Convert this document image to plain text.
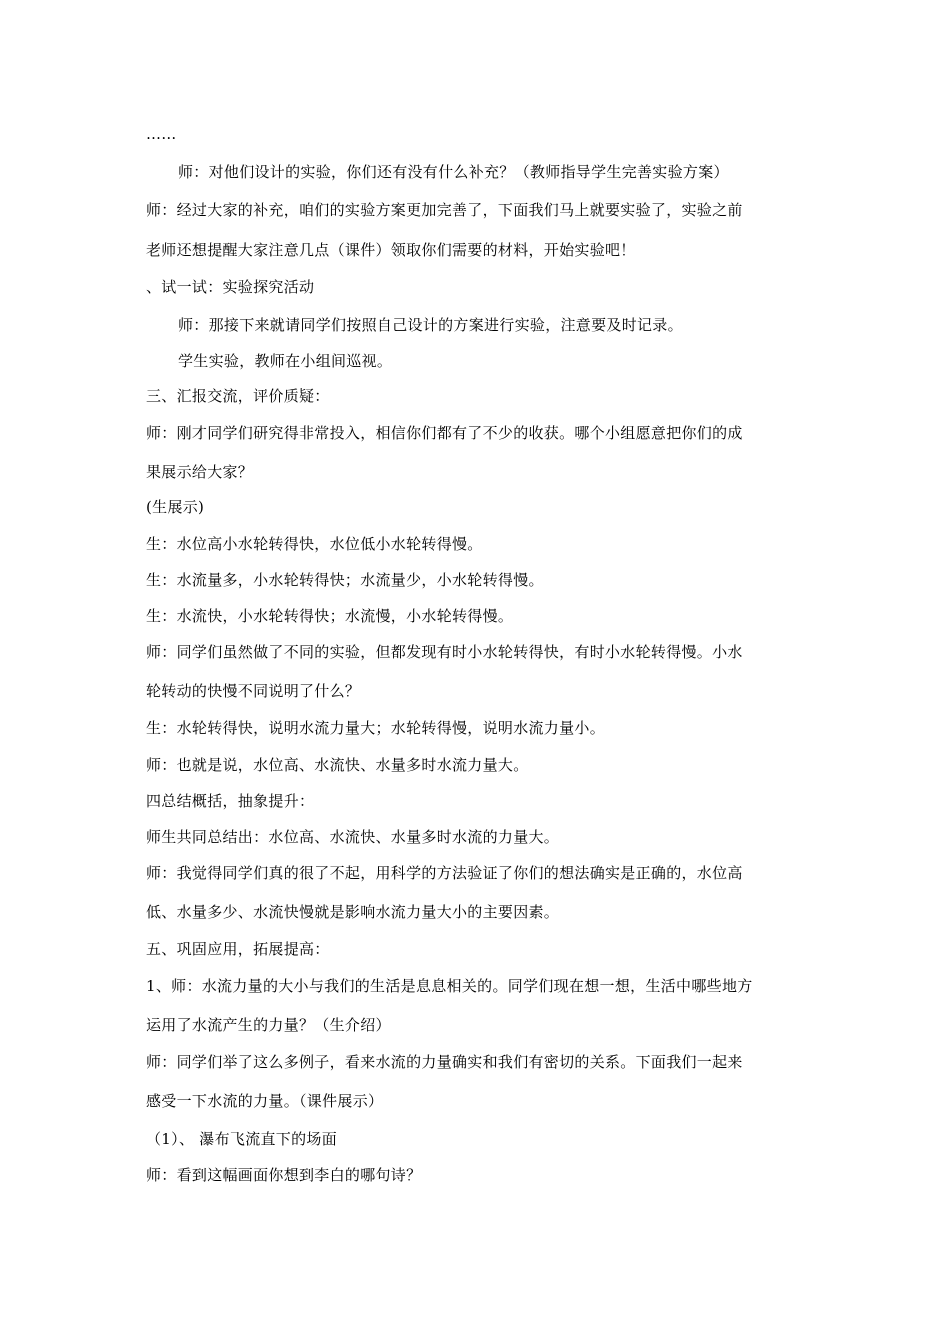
……
师：对他们设计的实验，你们还有没有什么补充？（教师指导学生完善实验方案）
师：经过大家的补充，咱们的实验方案更加完善了，下面我们马上就要实验了，实验之前
老师还想提醒大家注意几点（课件）领取你们需要的材料，开始实验吧！
、试一试：实验探究活动
师：那接下来就请同学们按照自己设计的方案进行实验，注意要及时记录。
学生实验，教师在小组间巡视。
三、汇报交流，评价质疑：
师：刚才同学们研究得非常投入，相信你们都有了不少的收获。哪个小组愿意把你们的成
果展示给大家？
(生展示)
生：水位高小水轮转得快，水位低小水轮转得慢。
生：水流量多，小水轮转得快；水流量少，小水轮转得慢。
生：水流快，小水轮转得快；水流慢，小水轮转得慢。
师：同学们虽然做了不同的实验，但都发现有时小水轮转得快，有时小水轮转得慢。小水
轮转动的快慢不同说明了什么？
生：水轮转得快，说明水流力量大；水轮转得慢，说明水流力量小。
师：也就是说，水位高、水流快、水量多时水流力量大。
四总结概括，抽象提升：
师生共同总结出：水位高、水流快、水量多时水流的力量大。
师：我觉得同学们真的很了不起，用科学的方法验证了你们的想法确实是正确的，水位高
低、水量多少、水流快慢就是影响水流力量大小的主要因素。
五、巩固应用，拓展提高：
1、师：水流力量的大小与我们的生活是息息相关的。同学们现在想一想，生活中哪些地方
运用了水流产生的力量？（生介绍）
师：同学们举了这么多例子，看来水流的力量确实和我们有密切的关系。下面我们一起来
感受一下水流的力量。（课件展示）
（1）、 瀑布飞流直下的场面
师：看到这幅画面你想到李白的哪句诗？
